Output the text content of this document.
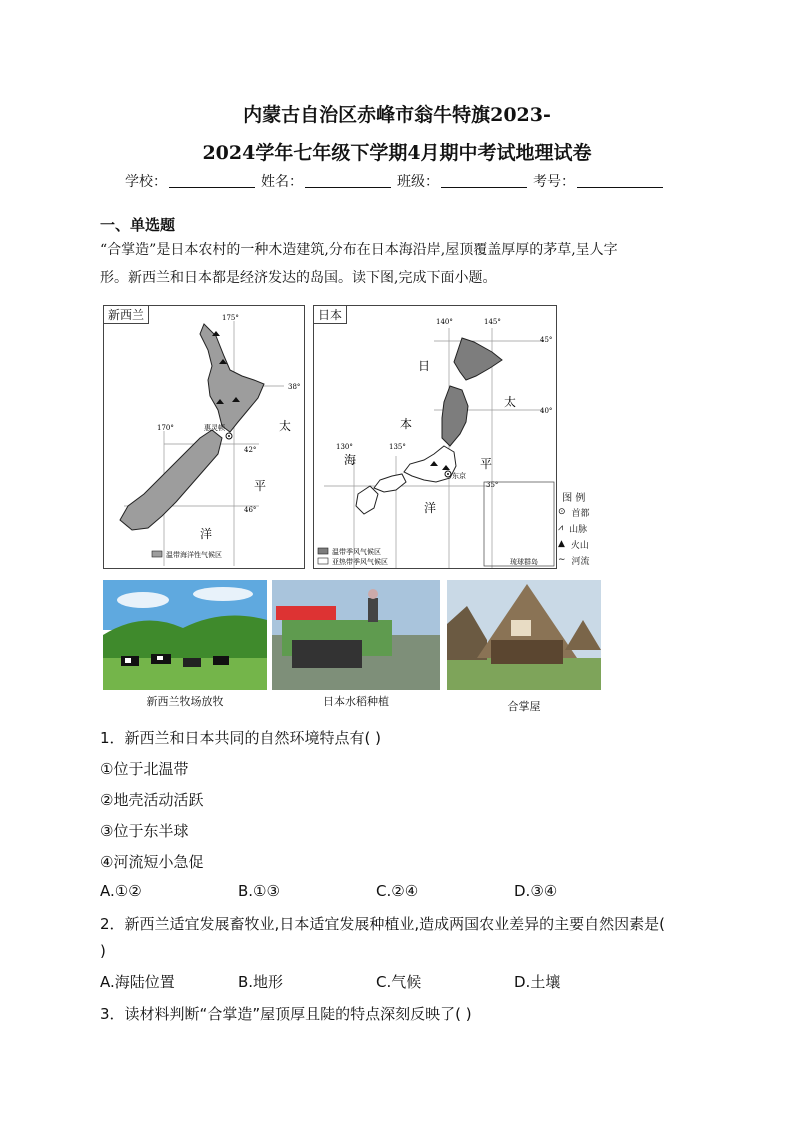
内蒙古自治区赤峰市翁牛特旗2023-
2024学年七年级下学期4月期中考试地理试卷
学校：	姓名：	班级：	考号：
一、单选题
“合掌造”是日本农村的一种木造建筑,分布在日本海沿岸,屋顶覆盖厚厚的茅草,呈人字
形。新西兰和日本都是经济发达的岛国。读下图,完成下面小题。
新西兰	175°
170°
38°
42°
46°
惠灵顿	太
平
洋
温带海洋性气候区
日本	140°	145°
130°	135°
45°
40°
35°
日
本
海
太
平
洋
东京
温带季风气候区
亚热带季风气候区	琉球群岛
图 例
⊙ 首都
⩘ 山脉
▲ 火山
∼ 河流
新西兰牧场放牧	日本水稻种植	合掌屋
1．新西兰和日本共同的自然环境特点有( )
①位于北温带
②地壳活动活跃
③位于东半球
④河流短小急促
A.①②	B.①③	C.②④	D.③④
2．新西兰适宜发展畜牧业,日本适宜发展种植业,造成两国农业差异的主要自然因素是(
)
A.海陆位置	B.地形	C.气候	D.土壤
3．读材料判断“合掌造”屋顶厚且陡的特点深刻反映了( )
